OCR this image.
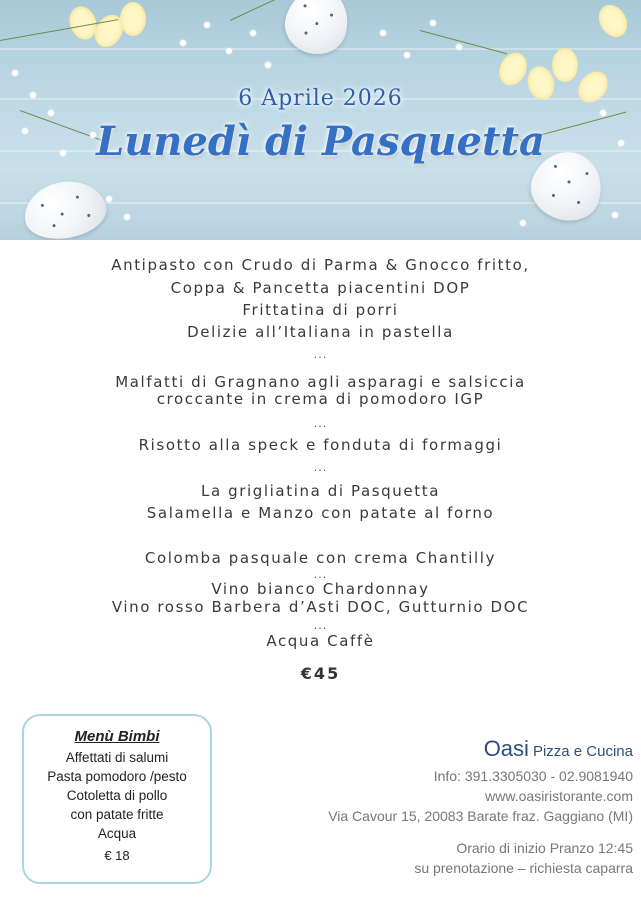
6 Aprile 2026
Lunedì di Pasquetta
Antipasto con Crudo di Parma & Gnocco fritto,
Coppa & Pancetta piacentini DOP
Frittatina di porri
Delizie all’Italiana in pastella
...
Malfatti di Gragnano agli asparagi e salsiccia
croccante in crema di pomodoro IGP
...
Risotto alla speck e fonduta di formaggi
...
La grigliatina di Pasquetta
Salamella e Manzo con patate al forno
Colomba pasquale con crema Chantilly
...
Vino bianco Chardonnay
Vino rosso Barbera d’Asti DOC, Gutturnio DOC
...
Acqua Caffè
€45
Menù Bimbi
Affettati di salumi
Pasta pomodoro /pesto
Cotoletta di pollo
con patate fritte
Acqua
€ 18
Oasi Pizza e Cucina
Info: 391.3305030 - 02.9081940
www.oasiristorante.com
Via Cavour 15, 20083 Barate fraz. Gaggiano (MI)
Orario di inizio Pranzo 12:45
su prenotazione – richiesta caparra
